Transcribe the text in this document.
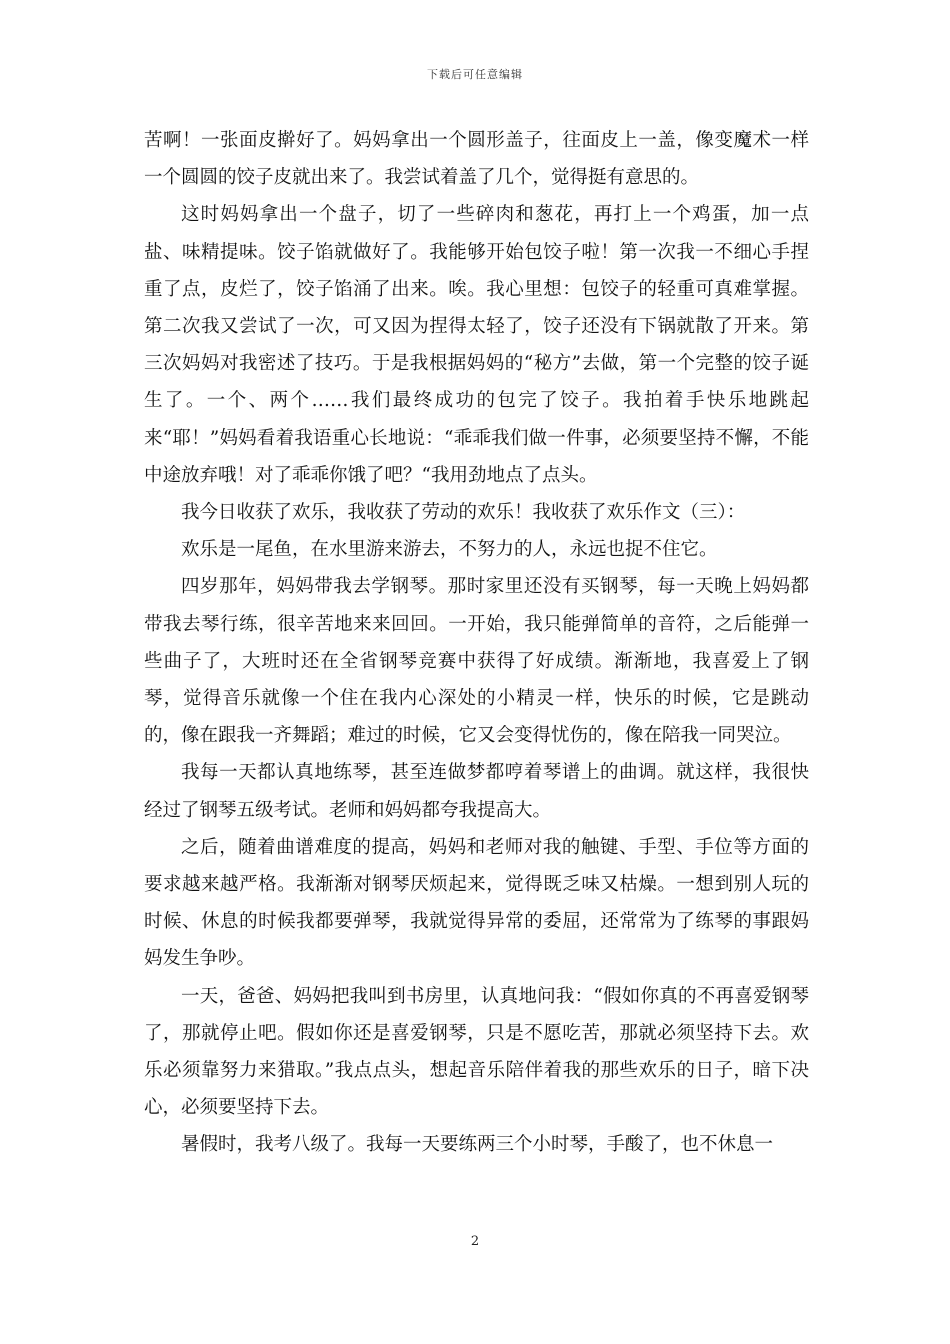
下载后可任意编辑

苦啊！一张面皮擀好了。妈妈拿出一个圆形盖子，往面皮上一盖，像变魔术一样一个圆圆的饺子皮就出来了。我尝试着盖了几个，觉得挺有意思的。

这时妈妈拿出一个盘子，切了一些碎肉和葱花，再打上一个鸡蛋，加一点盐、味精提味。饺子馅就做好了。我能够开始包饺子啦！第一次我一不细心手捏重了点，皮烂了，饺子馅涌了出来。唉。我心里想：包饺子的轻重可真难掌握。第二次我又尝试了一次，可又因为捏得太轻了，饺子还没有下锅就散了开来。第三次妈妈对我密述了技巧。于是我根据妈妈的“秘方”去做，第一个完整的饺子诞生了。一个、两个……我们最终成功的包完了饺子。我拍着手快乐地跳起来“耶！”妈妈看着我语重心长地说：“乖乖我们做一件事，必须要坚持不懈，不能中途放弃哦！对了乖乖你饿了吧？“我用劲地点了点头。

我今日收获了欢乐，我收获了劳动的欢乐！我收获了欢乐作文（三）：

欢乐是一尾鱼，在水里游来游去，不努力的人，永远也捉不住它。

四岁那年，妈妈带我去学钢琴。那时家里还没有买钢琴，每一天晚上妈妈都带我去琴行练，很辛苦地来来回回。一开始，我只能弹简单的音符，之后能弹一些曲子了，大班时还在全省钢琴竞赛中获得了好成绩。渐渐地，我喜爱上了钢琴，觉得音乐就像一个住在我内心深处的小精灵一样，快乐的时候，它是跳动的，像在跟我一齐舞蹈；难过的时候，它又会变得忧伤的，像在陪我一同哭泣。

我每一天都认真地练琴，甚至连做梦都哼着琴谱上的曲调。就这样，我很快经过了钢琴五级考试。老师和妈妈都夸我提高大。

之后，随着曲谱难度的提高，妈妈和老师对我的触键、手型、手位等方面的要求越来越严格。我渐渐对钢琴厌烦起来，觉得既乏味又枯燥。一想到别人玩的时候、休息的时候我都要弹琴，我就觉得异常的委屈，还常常为了练琴的事跟妈妈发生争吵。

一天，爸爸、妈妈把我叫到书房里，认真地问我：“假如你真的不再喜爱钢琴了，那就停止吧。假如你还是喜爱钢琴，只是不愿吃苦，那就必须坚持下去。欢乐必须靠努力来猎取。”我点点头，想起音乐陪伴着我的那些欢乐的日子，暗下决心，必须要坚持下去。

暑假时，我考八级了。我每一天要练两三个小时琴，手酸了，也不休息一

2
